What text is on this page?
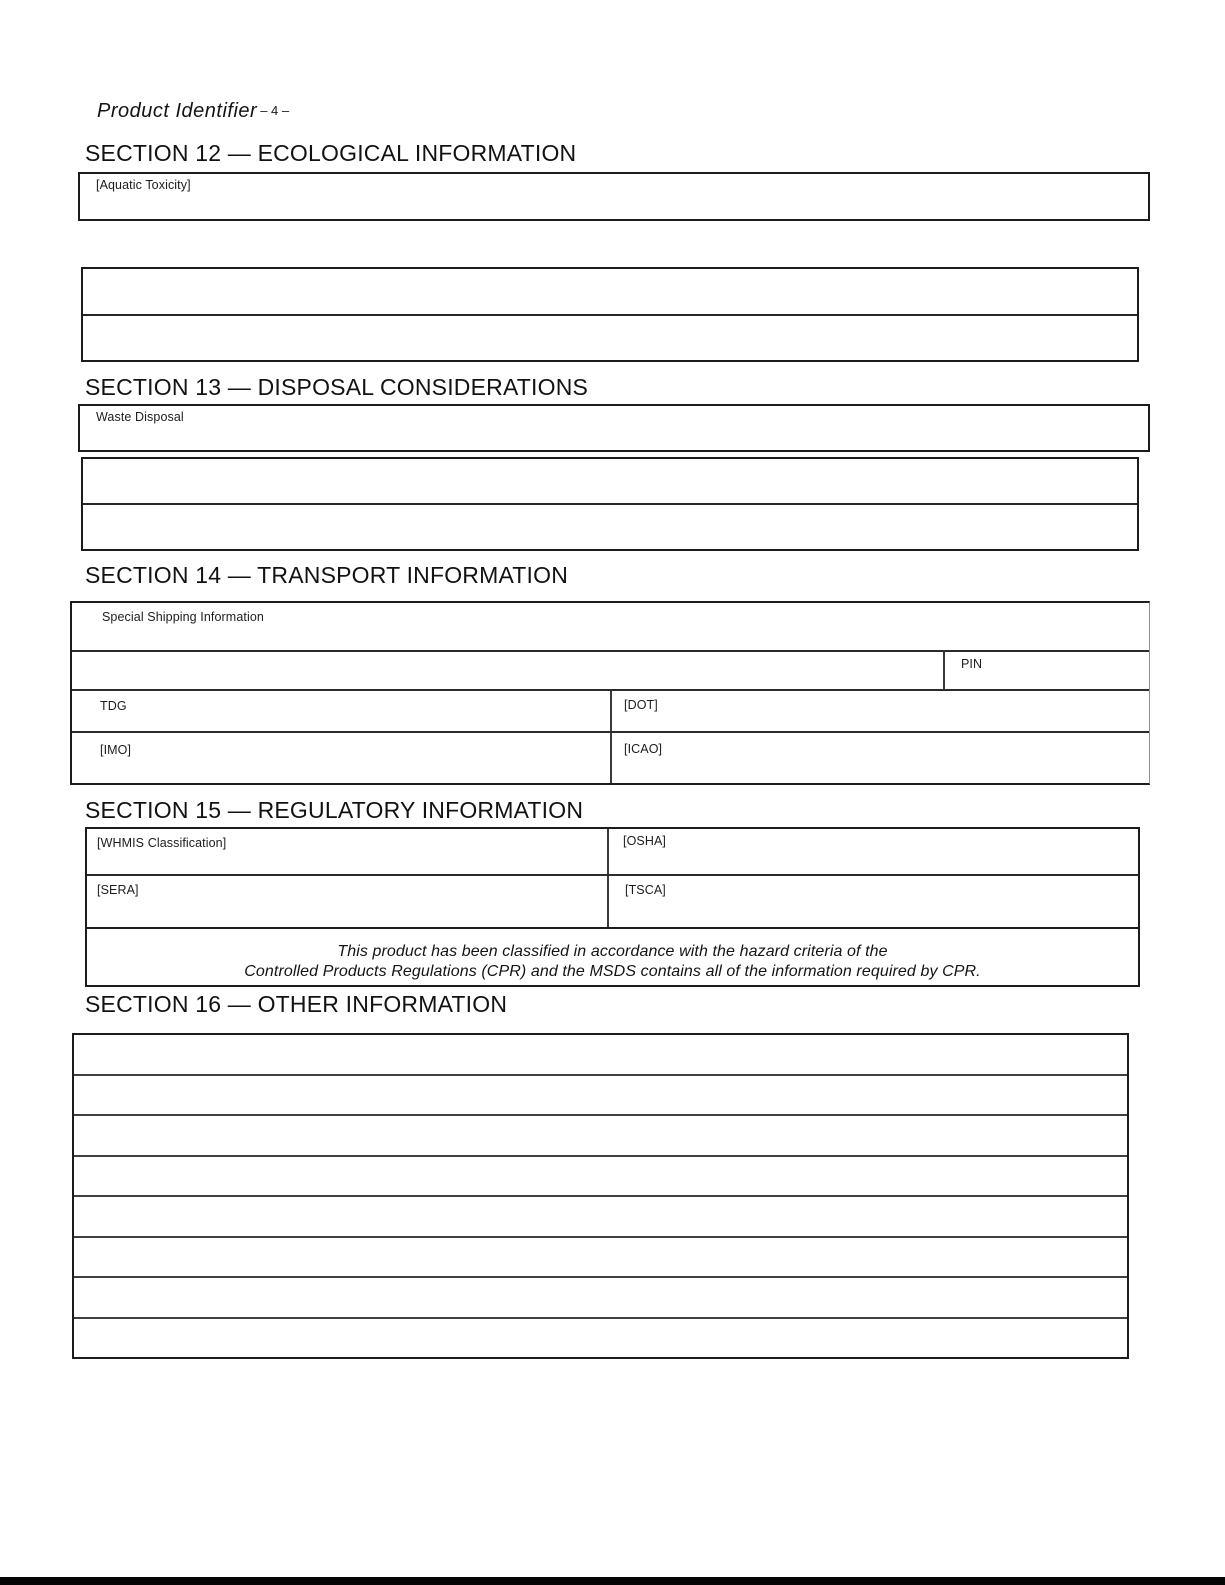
Product Identifier – 4 –
SECTION 12 — ECOLOGICAL INFORMATION
[Aquatic Toxicity]
SECTION 13 — DISPOSAL CONSIDERATIONS
Waste Disposal
SECTION 14 — TRANSPORT INFORMATION
Special Shipping Information
PIN
TDG	[DOT]
[IMO]	[ICAO]
SECTION 15 — REGULATORY INFORMATION
[WHMIS Classification]	[OSHA]
[SERA]	[TSCA]
This product has been classified in accordance with the hazard criteria of the
Controlled Products Regulations (CPR) and the MSDS contains all of the information required by CPR.
SECTION 16 — OTHER INFORMATION
